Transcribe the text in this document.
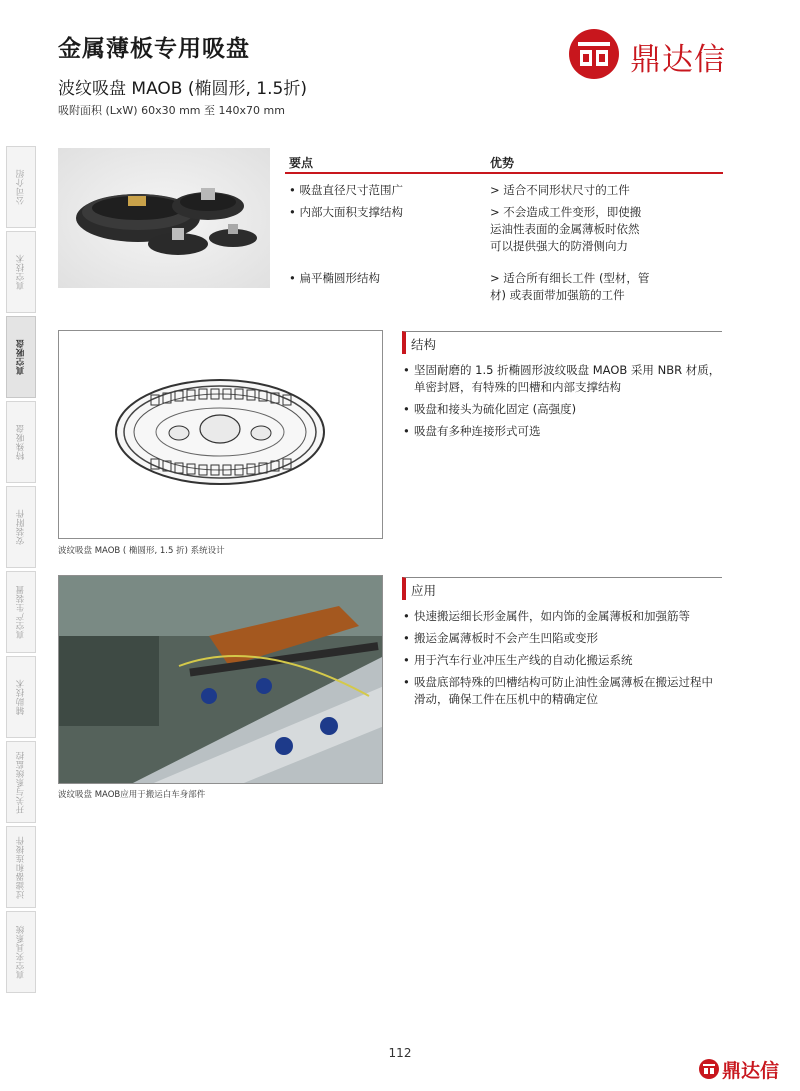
金属薄板专用吸盘
波纹吸盘 MAOB (椭圆形, 1.5折)
吸附面积 (LxW) 60x30 mm 至 140x70 mm
鼎达信
公司介绍
真空技术
真空吸盘
特殊吸盘
安装附件
真空产生装置
辅助技术
开关与系统监控
过滤器和连接件
真空夹具系统
要点	优势
• 吸盘直径尺寸范围广	> 适合不同形状尺寸的工件
• 内部大面积支撑结构	> 不会造成工件变形，即使搬运油性表面的金属薄板时依然可以提供强大的防滑侧向力
• 扁平椭圆形结构	> 适合所有细长工件 (型材，管材) 或表面带加强筋的工件
波纹吸盘 MAOB ( 椭圆形, 1.5 折) 系统设计
波纹吸盘 MAOB应用于搬运白车身部件
结构
• 坚固耐磨的 1.5 折椭圆形波纹吸盘 MAOB 采用 NBR 材质，单密封唇，有特殊的凹槽和内部支撑结构
• 吸盘和接头为硫化固定 (高强度)
• 吸盘有多种连接形式可选
应用
• 快速搬运细长形金属件，如内饰的金属薄板和加强筋等
• 搬运金属薄板时不会产生凹陷或变形
• 用于汽车行业冲压生产线的自动化搬运系统
• 吸盘底部特殊的凹槽结构可防止油性金属薄板在搬运过程中滑动，确保工件在压机中的精确定位
112
鼎达信
